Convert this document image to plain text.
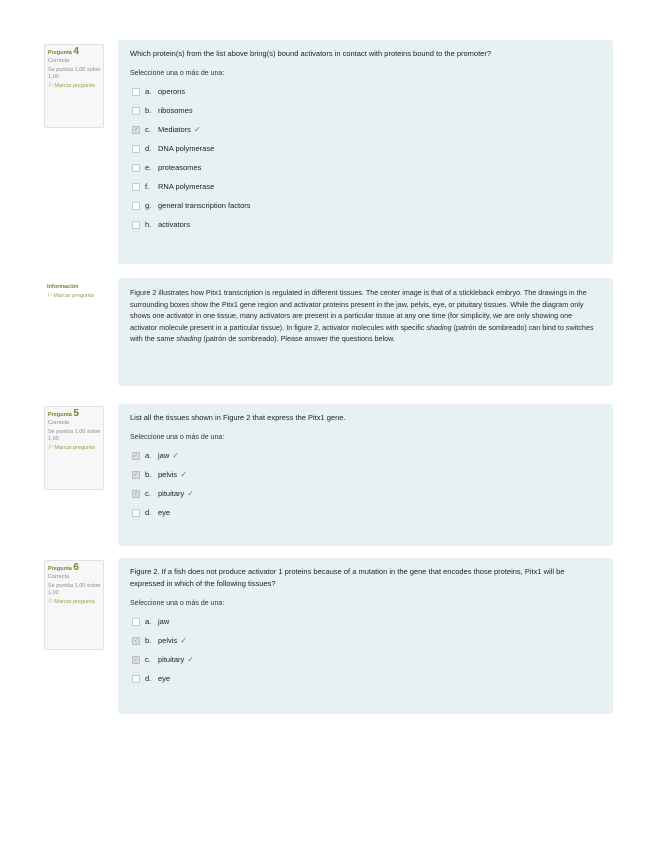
Pregunta 4
Correcta
Se puntúa 1,00 sobre 1,00
⚐Marcar pregunta
Which protein(s) from the list above bring(s) bound activators in contact with proteins bound to the promoter?
Seleccione una o más de una:
a. operons
b. ribosomes
✓ c. Mediators ✓
d. DNA polymerase
e. proteasomes
f.	RNA polymerase
g. general transcription factors
h. activators
Información
⚐Marcar pregunta	Figure 2 illustrates how Pitx1 transcription is regulated in different tissues. The center image is that of a stickleback embryo. The drawings in the surrounding boxes show the Pitx1 gene region and activator proteins present in the jaw, pelvis, eye, or pituitary tissues. While the diagram only shows one activator in one tissue, many activators are present in a particular tissue at any one time (for simplicity, we are only showing one activator molecule present in a particular tissue). In figure 2, activator molecules with specific shading (patrón de sombreado) can bind to switches with the same shading (patrón de sombreado). Please answer the questions below.
Pregunta 5
Correcta
Se puntúa 1,00 sobre 1,00
⚐Marcar pregunta
List all the tissues shown in Figure 2 that express the Pitx1 gene.
Seleccione una o más de una:
✓ a. jaw ✓
✓ b. pelvis ✓
✓ c. pituitary ✓
d. eye
Pregunta 6
Correcta
Se puntúa 1,00 sobre 1,00
⚐Marcar pregunta
Figure 2. If a fish does not produce activator 1 proteins because of a mutation in the gene that encodes those proteins, Pitx1 will be expressed in which of the following tissues?
Seleccione una o más de una:
a. jaw
✓ b. pelvis ✓
✓ c. pituitary ✓
d. eye
